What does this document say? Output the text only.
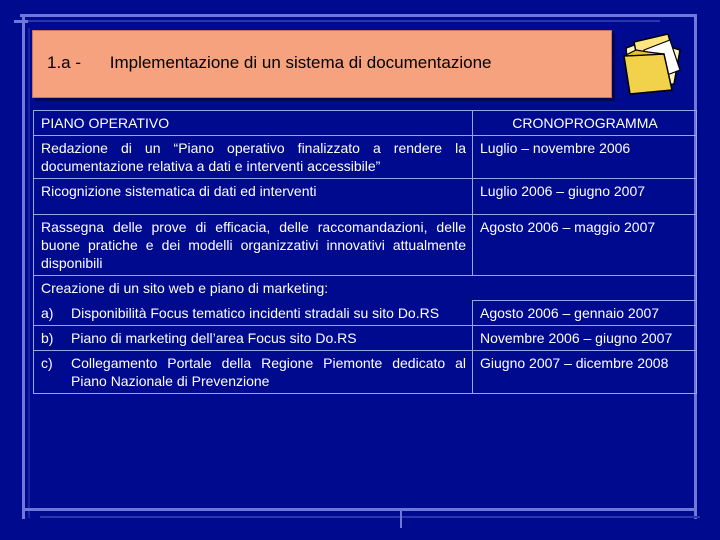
1.a - Implementazione di un sistema di documentazione
PIANO OPERATIVO	CRONOPROGRAMMA
Redazione di un “Piano operativo finalizzato a rendere la documentazione relativa a dati e interventi accessibile”	Luglio – novembre 2006
Ricognizione sistematica di dati ed interventi	Luglio 2006 – giugno 2007
Rassegna delle prove di efficacia, delle raccomandazioni, delle buone pratiche e dei modelli organizzativi innovativi attualmente disponibili	Agosto 2006 – maggio 2007
Creazione di un sito web e piano di marketing:	

a) Disponibilità Focus tematico incidenti stradali su sito Do.RS	Agosto 2006 – gennaio 2007

b) Piano di marketing dell’area Focus sito Do.RS	Novembre 2006 – giugno 2007

c) Collegamento Portale della Regione Piemonte dedicato al Piano Nazionale di Prevenzione	Giugno 2007 – dicembre 2008
